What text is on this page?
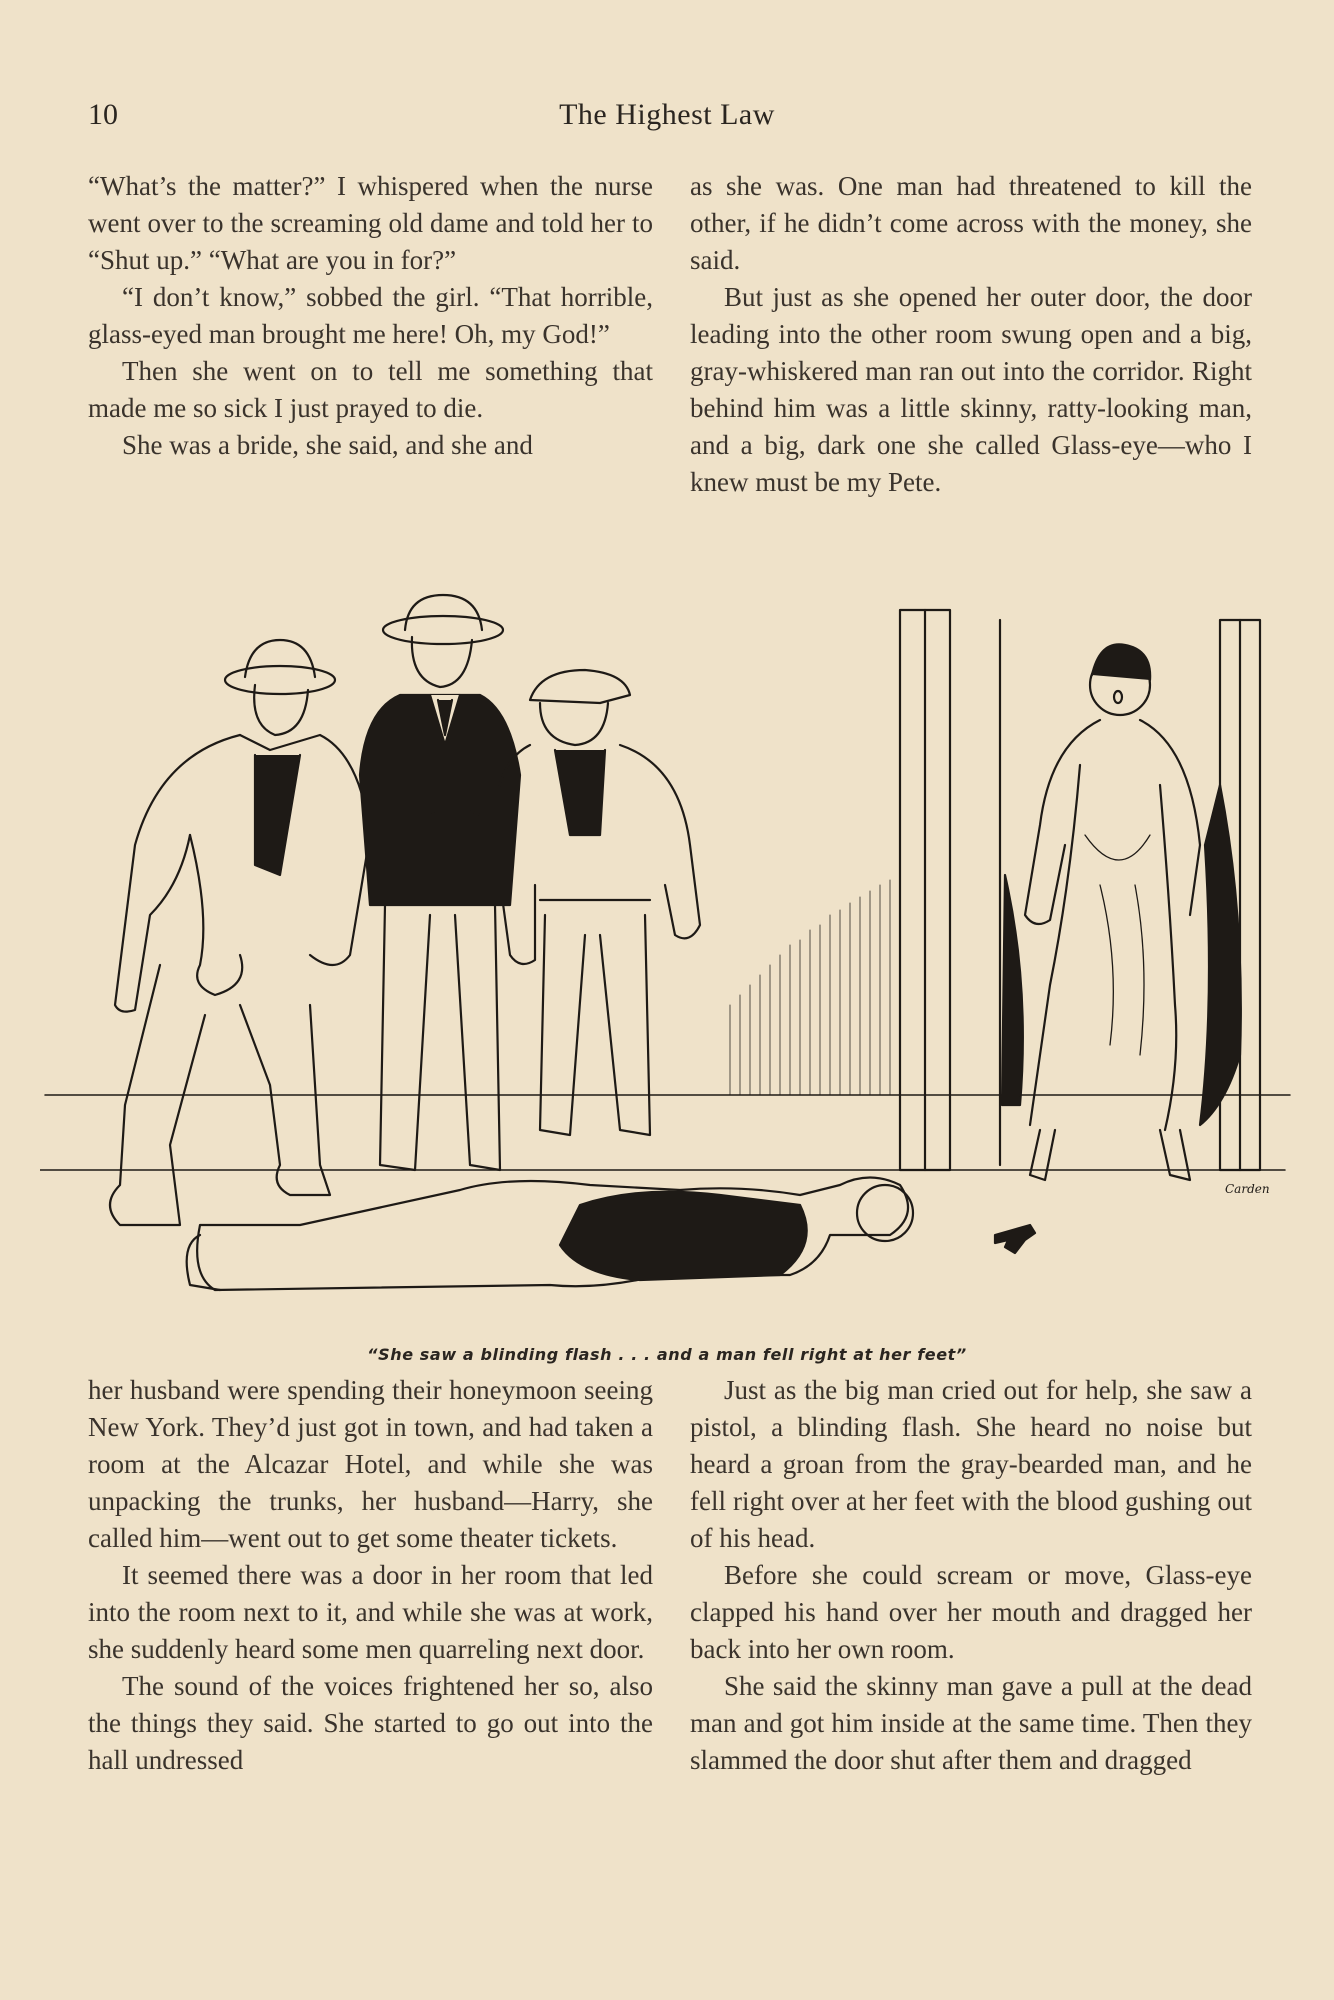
10	The Highest Law

“What’s the matter?” I whispered when the nurse went over to the screaming old dame and told her to “Shut up.” “What are you in for?”

“I don’t know,” sobbed the girl. “That horrible, glass-eyed man brought me here! Oh, my God!”

Then she went on to tell me something that made me so sick I just prayed to die.

She was a bride, she said, and she and

as she was. One man had threatened to kill the other, if he didn’t come across with the money, she said.

But just as she opened her outer door, the door leading into the other room swung open and a big, gray-whiskered man ran out into the corridor. Right behind him was a little skinny, ratty-looking man, and a big, dark one she called Glass-eye—who I knew must be my Pete.

Carden
“She saw a blinding flash . . . and a man fell right at her feet”

her husband were spending their honeymoon seeing New York. They’d just got in town, and had taken a room at the Alcazar Hotel, and while she was unpacking the trunks, her husband—Harry, she called him—went out to get some theater tickets.

It seemed there was a door in her room that led into the room next to it, and while she was at work, she suddenly heard some men quarreling next door.

The sound of the voices frightened her so, also the things they said. She started to go out into the hall undressed

Just as the big man cried out for help, she saw a pistol, a blinding flash. She heard no noise but heard a groan from the gray-bearded man, and he fell right over at her feet with the blood gushing out of his head.

Before she could scream or move, Glass-eye clapped his hand over her mouth and dragged her back into her own room.

She said the skinny man gave a pull at the dead man and got him inside at the same time. Then they slammed the door shut after them and dragged
